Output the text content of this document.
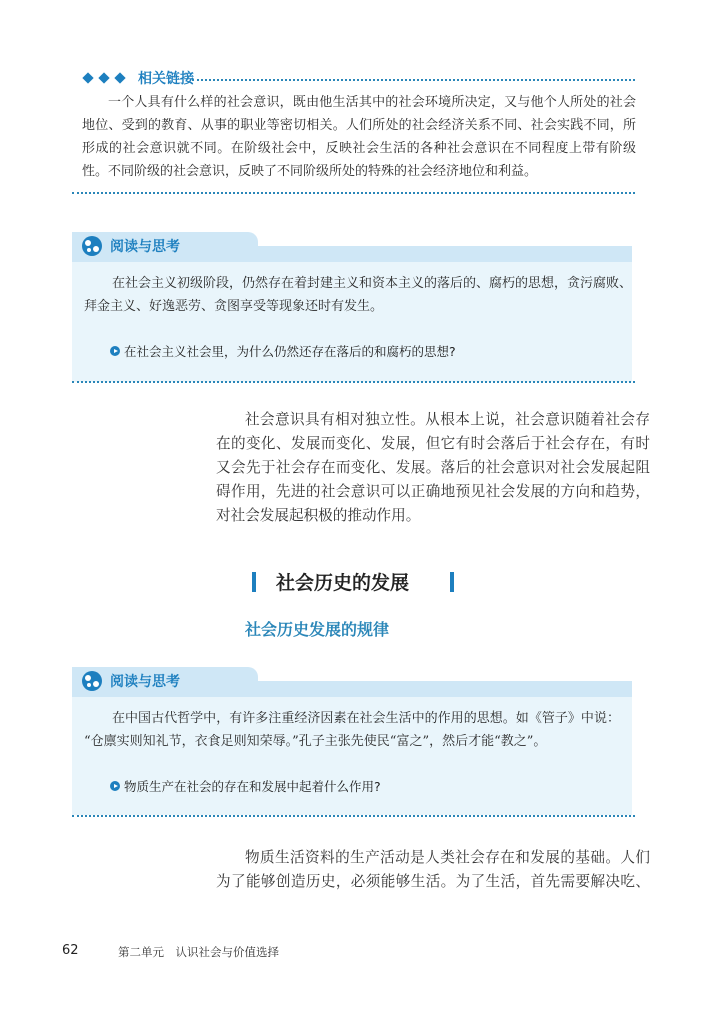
相关链接
一个人具有什么样的社会意识，既由他生活其中的社会环境所决定，又与他个人所处的社会
地位、受到的教育、从事的职业等密切相关。人们所处的社会经济关系不同、社会实践不同，所
形成的社会意识就不同。在阶级社会中，反映社会生活的各种社会意识在不同程度上带有阶级
性。不同阶级的社会意识，反映了不同阶级所处的特殊的社会经济地位和利益。
阅读与思考
在社会主义初级阶段，仍然存在着封建主义和资本主义的落后的、腐朽的思想，贪污腐败、
拜金主义、好逸恶劳、贪图享受等现象还时有发生。
在社会主义社会里，为什么仍然还存在落后的和腐朽的思想?
社会意识具有相对独立性。从根本上说，社会意识随着社会存
在的变化、发展而变化、发展，但它有时会落后于社会存在，有时
又会先于社会存在而变化、发展。落后的社会意识对社会发展起阻
碍作用，先进的社会意识可以正确地预见社会发展的方向和趋势，
对社会发展起积极的推动作用。
社会历史的发展
社会历史发展的规律
阅读与思考
在中国古代哲学中，有许多注重经济因素在社会生活中的作用的思想。如《管子》中说：
“仓廪实则知礼节，衣食足则知荣辱。”孔子主张先使民“富之”，然后才能“教之”。
物质生产在社会的存在和发展中起着什么作用?
物质生活资料的生产活动是人类社会存在和发展的基础。人们
为了能够创造历史，必须能够生活。为了生活，首先需要解决吃、
62	第二单元　认识社会与价值选择
